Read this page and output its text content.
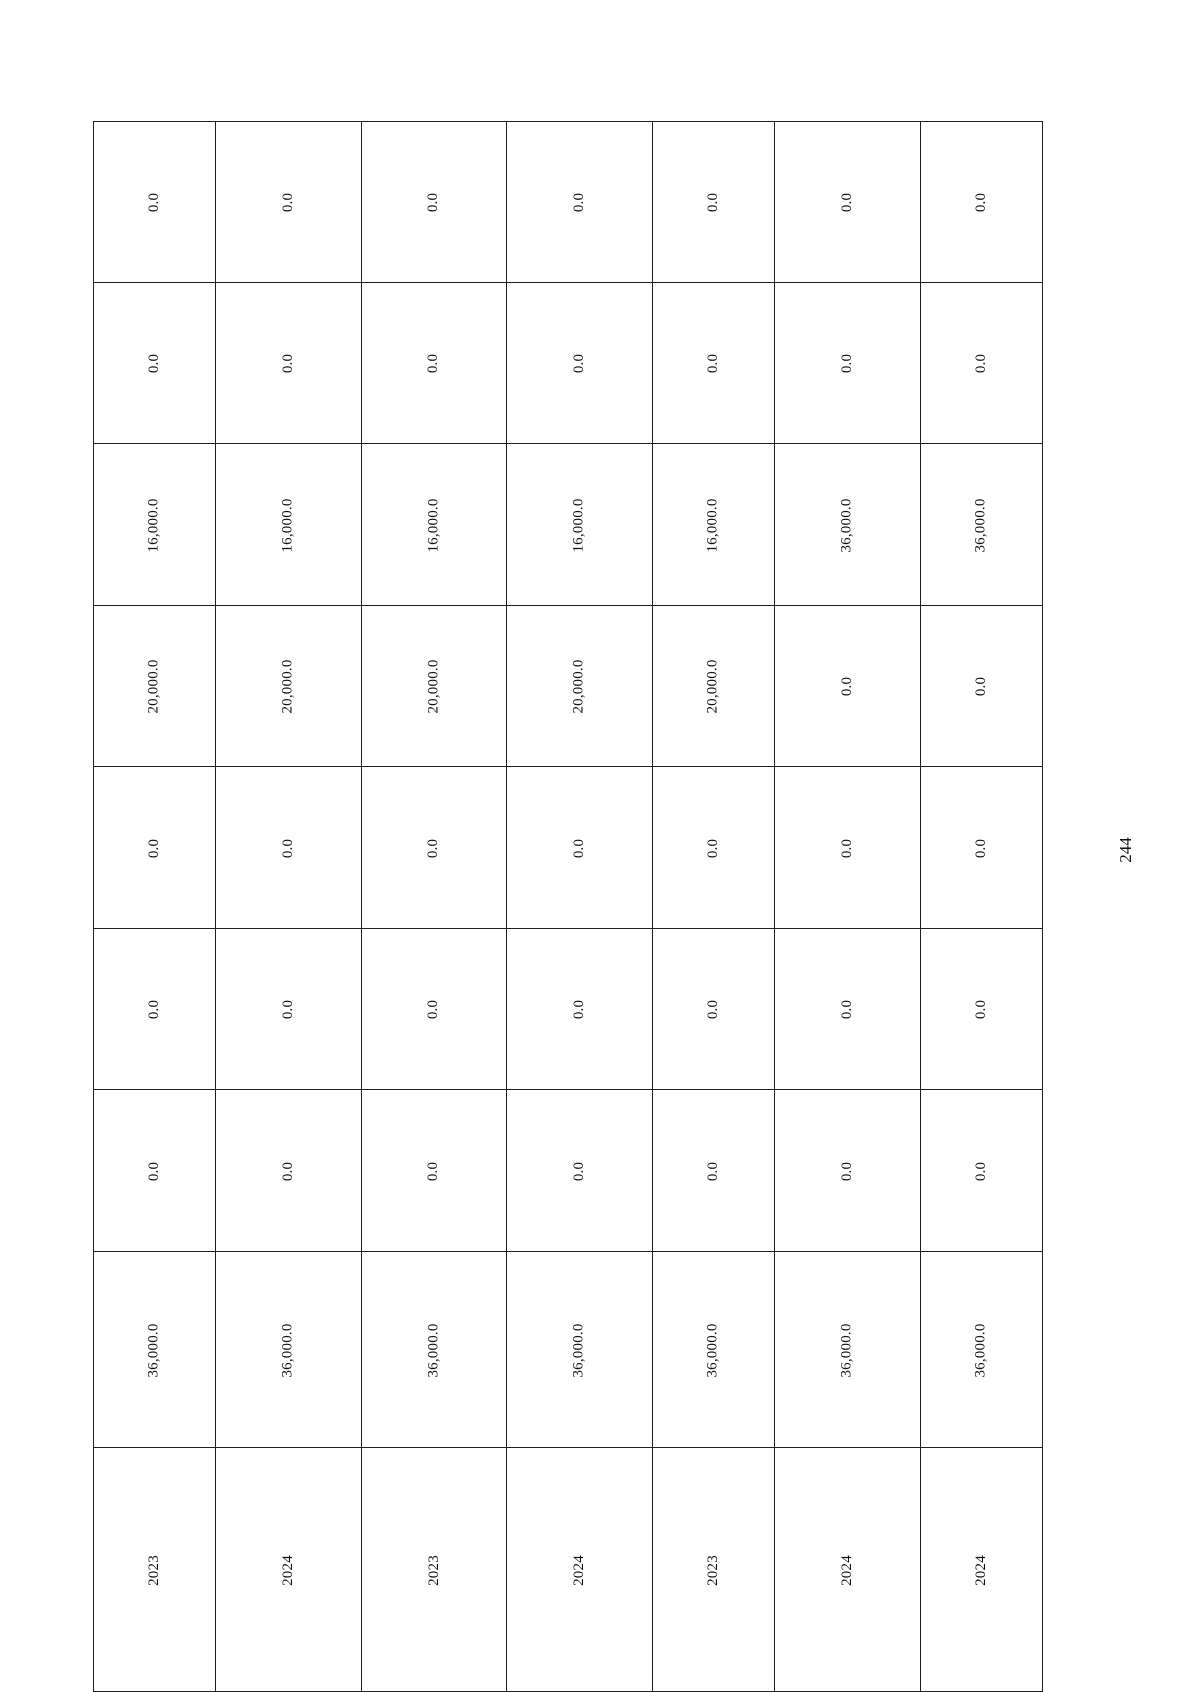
0.0	0.0	0.0	0.0	0.0	0.0	0.0
0.0	0.0	0.0	0.0	0.0	0.0	0.0
16,000.0	16,000.0	16,000.0	16,000.0	16,000.0	36,000.0	36,000.0
20,000.0	20,000.0	20,000.0	20,000.0	20,000.0	0.0	0.0
0.0	0.0	0.0	0.0	0.0	0.0	0.0
0.0	0.0	0.0	0.0	0.0	0.0	0.0
0.0	0.0	0.0	0.0	0.0	0.0	0.0
36,000.0	36,000.0	36,000.0	36,000.0	36,000.0	36,000.0	36,000.0
2023	2024	2023	2024	2023	2024	2024
244
